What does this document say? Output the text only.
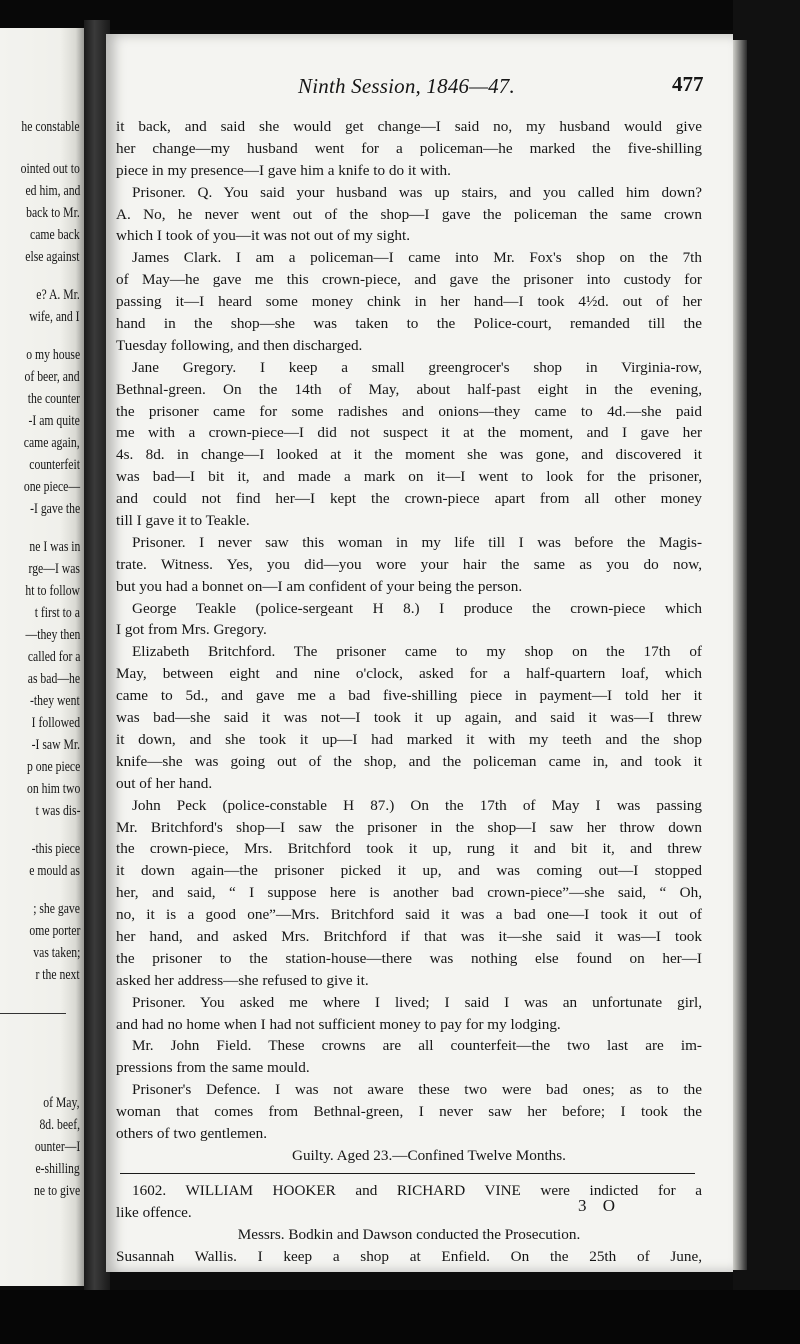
he constable
ointed out to
ed him, and
back to Mr.
came back
else against
e? A. Mr.
wife, and I
o my house
of beer, and
the counter
-I am quite
came again,
counterfeit
one piece—
-I gave the
ne I was in
rge—I was
ht to follow
t first to a
—they then
called for a
as bad—he
-they went
I followed
-I saw Mr.
p one piece
on him two
t was dis-
-this piece
e mould as
; she gave
ome porter
vas taken;
r the next
of May,
8d. beef,
ounter—I
e-shilling
ne to give
Ninth Session, 1846—47.	477
it back, and said she would get change—I said no, my husband would give
her change—my husband went for a policeman—he marked the five-shilling
piece in my presence—I gave him a knife to do it with.
Prisoner. Q. You said your husband was up stairs, and you called him down?
A. No, he never went out of the shop—I gave the policeman the same crown
which I took of you—it was not out of my sight.
James Clark. I am a policeman—I came into Mr. Fox's shop on the 7th
of May—he gave me this crown-piece, and gave the prisoner into custody for
passing it—I heard some money chink in her hand—I took 4½d. out of her
hand in the shop—she was taken to the Police-court, remanded till the
Tuesday following, and then discharged.
Jane Gregory. I keep a small greengrocer's shop in Virginia-row,
Bethnal-green. On the 14th of May, about half-past eight in the evening,
the prisoner came for some radishes and onions—they came to 4d.—she paid
me with a crown-piece—I did not suspect it at the moment, and I gave her
4s. 8d. in change—I looked at it the moment she was gone, and discovered it
was bad—I bit it, and made a mark on it—I went to look for the prisoner,
and could not find her—I kept the crown-piece apart from all other money
till I gave it to Teakle.
Prisoner. I never saw this woman in my life till I was before the Magis-
trate. Witness. Yes, you did—you wore your hair the same as you do now,
but you had a bonnet on—I am confident of your being the person.
George Teakle (police-sergeant H 8.) I produce the crown-piece which
I got from Mrs. Gregory.
Elizabeth Britchford. The prisoner came to my shop on the 17th of
May, between eight and nine o'clock, asked for a half-quartern loaf, which
came to 5d., and gave me a bad five-shilling piece in payment—I told her it
was bad—she said it was not—I took it up again, and said it was—I threw
it down, and she took it up—I had marked it with my teeth and the shop
knife—she was going out of the shop, and the policeman came in, and took it
out of her hand.
John Peck (police-constable H 87.) On the 17th of May I was passing
Mr. Britchford's shop—I saw the prisoner in the shop—I saw her throw down
the crown-piece, Mrs. Britchford took it up, rung it and bit it, and threw
it down again—the prisoner picked it up, and was coming out—I stopped
her, and said, “ I suppose here is another bad crown-piece”—she said, “ Oh,
no, it is a good one”—Mrs. Britchford said it was a bad one—I took it out of
her hand, and asked Mrs. Britchford if that was it—she said it was—I took
the prisoner to the station-house—there was nothing else found on her—I
asked her address—she refused to give it.
Prisoner. You asked me where I lived; I said I was an unfortunate girl,
and had no home when I had not sufficient money to pay for my lodging.
Mr. John Field. These crowns are all counterfeit—the two last are im-
pressions from the same mould.
Prisoner's Defence. I was not aware these two were bad ones; as to the
woman that comes from Bethnal-green, I never saw her before; I took the
others of two gentlemen.
Guilty. Aged 23.—Confined Twelve Months.
1602. WILLIAM HOOKER and RICHARD VINE were indicted for a
like offence.
Messrs. Bodkin and Dawson conducted the Prosecution.
Susannah Wallis. I keep a shop at Enfield. On the 25th of June,
3 O
